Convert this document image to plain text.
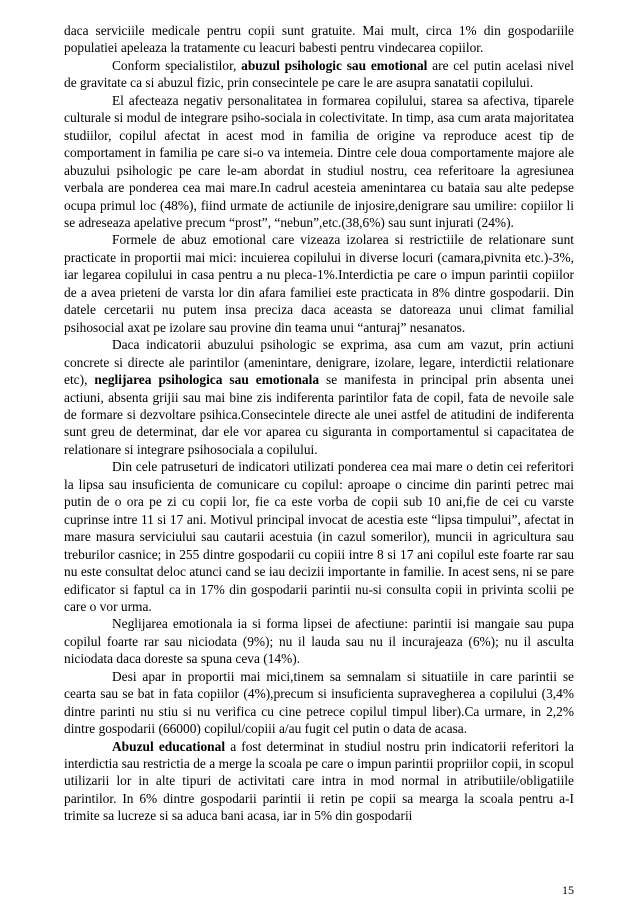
daca serviciile medicale pentru copii sunt gratuite. Mai mult, circa 1% din gospodariile populatiei apeleaza la tratamente cu leacuri babesti pentru vindecarea copiilor.

Conform specialistilor, abuzul psihologic sau emotional are cel putin acelasi nivel de gravitate ca si abuzul fizic, prin consecintele pe care le are asupra sanatatii copilului.

El afecteaza negativ personalitatea in formarea copilului, starea sa afectiva, tiparele culturale si modul de integrare psiho-sociala in colectivitate. In timp, asa cum arata majoritatea studiilor, copilul afectat in acest mod in familia de origine va reproduce acest tip de comportament in familia pe care si-o va intemeia. Dintre cele doua comportamente majore ale abuzului psihologic pe care le-am abordat in studiul nostru, cea referitoare la agresiunea verbala are ponderea cea mai mare.In cadrul acesteia amenintarea cu bataia sau alte pedepse ocupa primul loc (48%), fiind urmate de actiunile de injosire,denigrare sau umilire: copiilor li se adreseaza apelative precum “prost”, “nebun”,etc.(38,6%) sau sunt injurati (24%).

Formele de abuz emotional care vizeaza izolarea si restrictiile de relationare sunt practicate in proportii mai mici: incuierea copilului in diverse locuri (camara,pivnita etc.)-3%, iar legarea copilului in casa pentru a nu pleca-1%.Interdictia pe care o impun parintii copiilor de a avea prieteni de varsta lor din afara familiei este practicata in 8% dintre gospodarii. Din datele cercetarii nu putem insa preciza daca aceasta se datoreaza unui climat familial psihosocial axat pe izolare sau provine din teama unui “anturaj” nesanatos.

Daca indicatorii abuzului psihologic se exprima, asa cum am vazut, prin actiuni concrete si directe ale parintilor (amenintare, denigrare, izolare, legare, interdictii relationare etc), neglijarea psihologica sau emotionala se manifesta in principal prin absenta unei actiuni, absenta grijii sau mai bine zis indiferenta parintilor fata de copil, fata de nevoile sale de formare si dezvoltare psihica.Consecintele directe ale unei astfel de atitudini de indiferenta sunt greu de determinat, dar ele vor aparea cu siguranta in comportamentul si capacitatea de relationare si integrare psihosociala a copilului.

Din cele patruseturi de indicatori utilizati ponderea cea mai mare o detin cei referitori la lipsa sau insuficienta de comunicare cu copilul: aproape o cincime din parinti petrec mai putin de o ora pe zi cu copii lor, fie ca este vorba de copii sub 10 ani,fie de cei cu varste cuprinse intre 11 si 17 ani. Motivul principal invocat de acestia este “lipsa timpului”, afectat in mare masura serviciului sau cautarii acestuia (in cazul somerilor), muncii in agricultura sau treburilor casnice; in 255 dintre gospodarii cu copiii intre 8 si 17 ani copilul este foarte rar sau nu este consultat deloc atunci cand se iau decizii importante in familie. In acest sens, ni se pare edificator si faptul ca in 17% din gospodarii parintii nu-si consulta copii in privinta scolii pe care o vor urma.

Neglijarea emotionala ia si forma lipsei de afectiune: parintii isi mangaie sau pupa copilul foarte rar sau niciodata (9%); nu il lauda sau nu il incurajeaza (6%); nu il asculta niciodata daca doreste sa spuna ceva (14%).

Desi apar in proportii mai mici,tinem sa semnalam si situatiile in care parintii se cearta sau se bat in fata copiilor (4%),precum si insuficienta supravegherea a copilului (3,4% dintre parinti nu stiu si nu verifica cu cine petrece copilul timpul liber).Ca urmare, in 2,2% dintre gospodarii (66000) copilul/copiii a/au fugit cel putin o data de acasa.

Abuzul educational a fost determinat in studiul nostru prin indicatorii referitori la interdictia sau restrictia de a merge la scoala pe care o impun parintii propriilor copii, in scopul utilizarii lor in alte tipuri de activitati care intra in mod normal in atributiile/obligatiile parintilor. In 6% dintre gospodarii parintii ii retin pe copii sa mearga la scoala pentru a-I trimite sa lucreze si sa aduca bani acasa, iar in 5% din gospodarii

15
